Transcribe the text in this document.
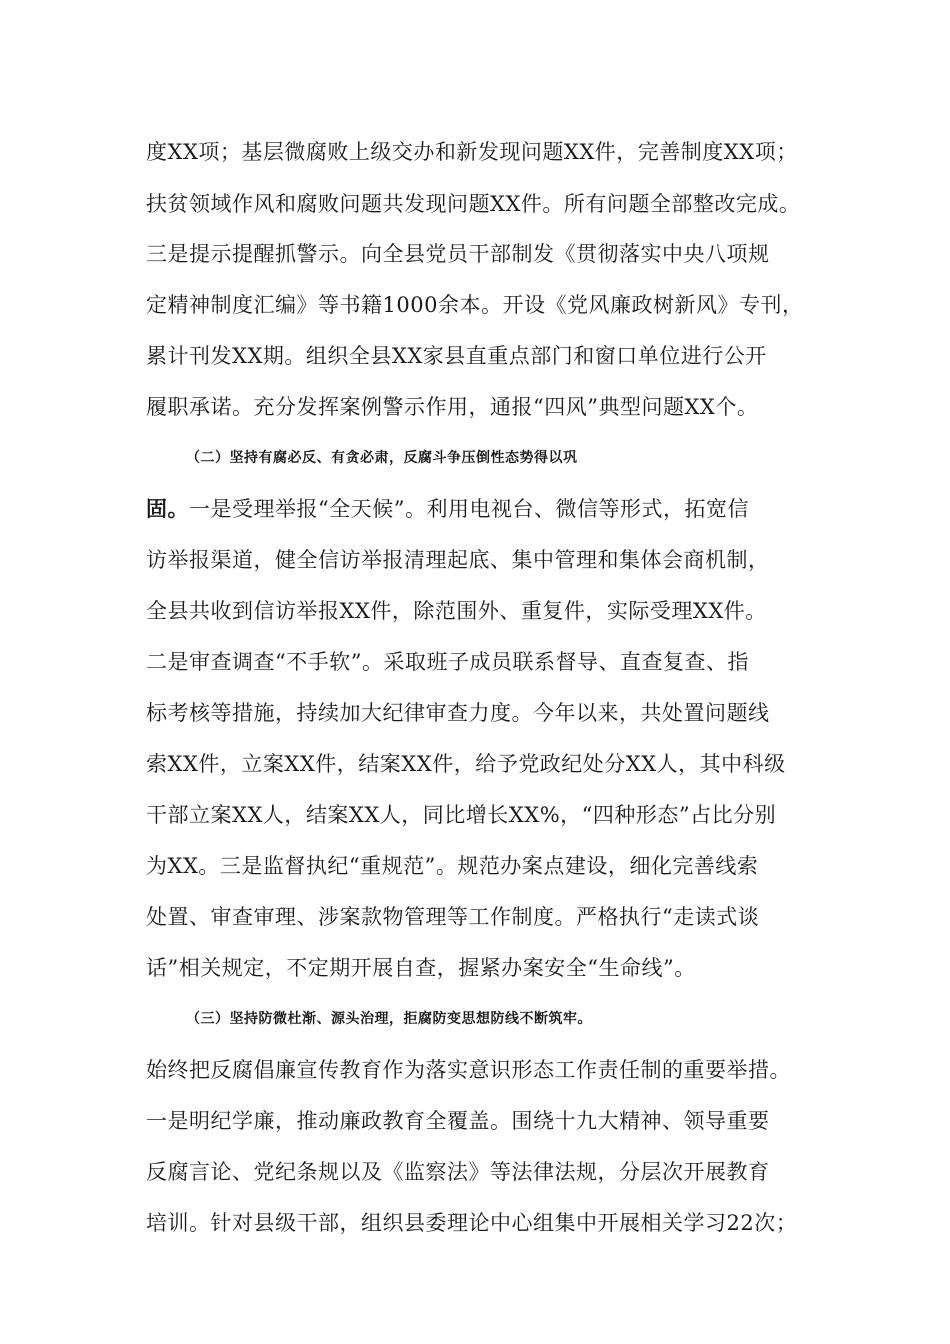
度XX项；基层微腐败上级交办和新发现问题XX件，完善制度XX项；
扶贫领域作风和腐败问题共发现问题XX件。所有问题全部整改完成。
三是提示提醒抓警示。向全县党员干部制发《贯彻落实中央八项规
定精神制度汇编》等书籍1000余本。开设《党风廉政树新风》专刊，
累计刊发XX期。组织全县XX家县直重点部门和窗口单位进行公开
履职承诺。充分发挥案例警示作用，通报“四风”典型问题XX个。
（二）坚持有腐必反、有贪必肃，反腐斗争压倒性态势得以巩
固。一是受理举报“全天候”。利用电视台、微信等形式，拓宽信
访举报渠道，健全信访举报清理起底、集中管理和集体会商机制，
全县共收到信访举报XX件，除范围外、重复件，实际受理XX件。
二是审查调查“不手软”。采取班子成员联系督导、直查复查、指
标考核等措施，持续加大纪律审查力度。今年以来，共处置问题线
索XX件，立案XX件，结案XX件，给予党政纪处分XX人，其中科级
干部立案XX人，结案XX人，同比增长XX%，“四种形态”占比分别
为XX。三是监督执纪“重规范”。规范办案点建设，细化完善线索
处置、审查审理、涉案款物管理等工作制度。严格执行“走读式谈
话”相关规定，不定期开展自查，握紧办案安全“生命线”。
（三）坚持防微杜渐、源头治理，拒腐防变思想防线不断筑牢。
始终把反腐倡廉宣传教育作为落实意识形态工作责任制的重要举措。
一是明纪学廉，推动廉政教育全覆盖。围绕十九大精神、领导重要
反腐言论、党纪条规以及《监察法》等法律法规，分层次开展教育
培训。针对县级干部，组织县委理论中心组集中开展相关学习22次；
